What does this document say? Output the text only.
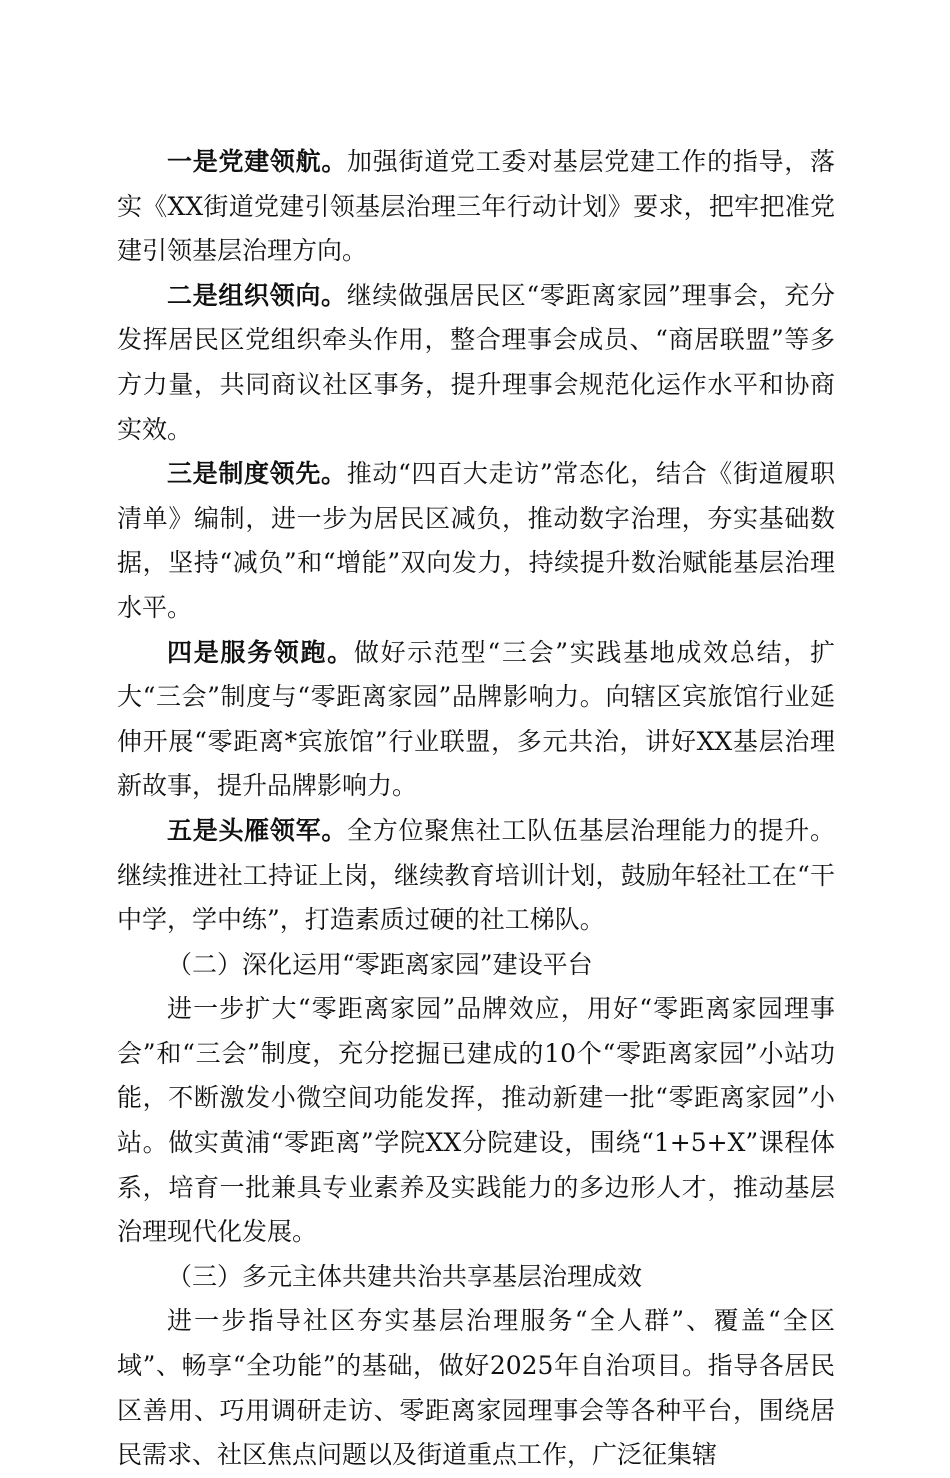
一是党建领航。加强街道党工委对基层党建工作的指导，落实《XX街道党建引领基层治理三年行动计划》要求，把牢把准党建引领基层治理方向。

二是组织领向。继续做强居民区“零距离家园”理事会，充分发挥居民区党组织牵头作用，整合理事会成员、“商居联盟”等多方力量，共同商议社区事务，提升理事会规范化运作水平和协商实效。

三是制度领先。推动“四百大走访”常态化，结合《街道履职清单》编制，进一步为居民区减负，推动数字治理，夯实基础数据，坚持“减负”和“增能”双向发力，持续提升数治赋能基层治理水平。

四是服务领跑。做好示范型“三会”实践基地成效总结，扩大“三会”制度与“零距离家园”品牌影响力。向辖区宾旅馆行业延伸开展“零距离*宾旅馆”行业联盟，多元共治，讲好XX基层治理新故事，提升品牌影响力。

五是头雁领军。全方位聚焦社工队伍基层治理能力的提升。继续推进社工持证上岗，继续教育培训计划，鼓励年轻社工在“干中学，学中练”，打造素质过硬的社工梯队。

（二）深化运用“零距离家园”建设平台

进一步扩大“零距离家园”品牌效应，用好“零距离家园理事会”和“三会”制度，充分挖掘已建成的10个“零距离家园”小站功能，不断激发小微空间功能发挥，推动新建一批“零距离家园”小站。做实黄浦“零距离”学院XX分院建设，围绕“1+5+X”课程体系，培育一批兼具专业素养及实践能力的多边形人才，推动基层治理现代化发展。

（三）多元主体共建共治共享基层治理成效

进一步指导社区夯实基层治理服务“全人群”、覆盖“全区域”、畅享“全功能”的基础，做好2025年自治项目。指导各居民区善用、巧用调研走访、零距离家园理事会等各种平台，围绕居民需求、社区焦点问题以及街道重点工作，广泛征集辖
